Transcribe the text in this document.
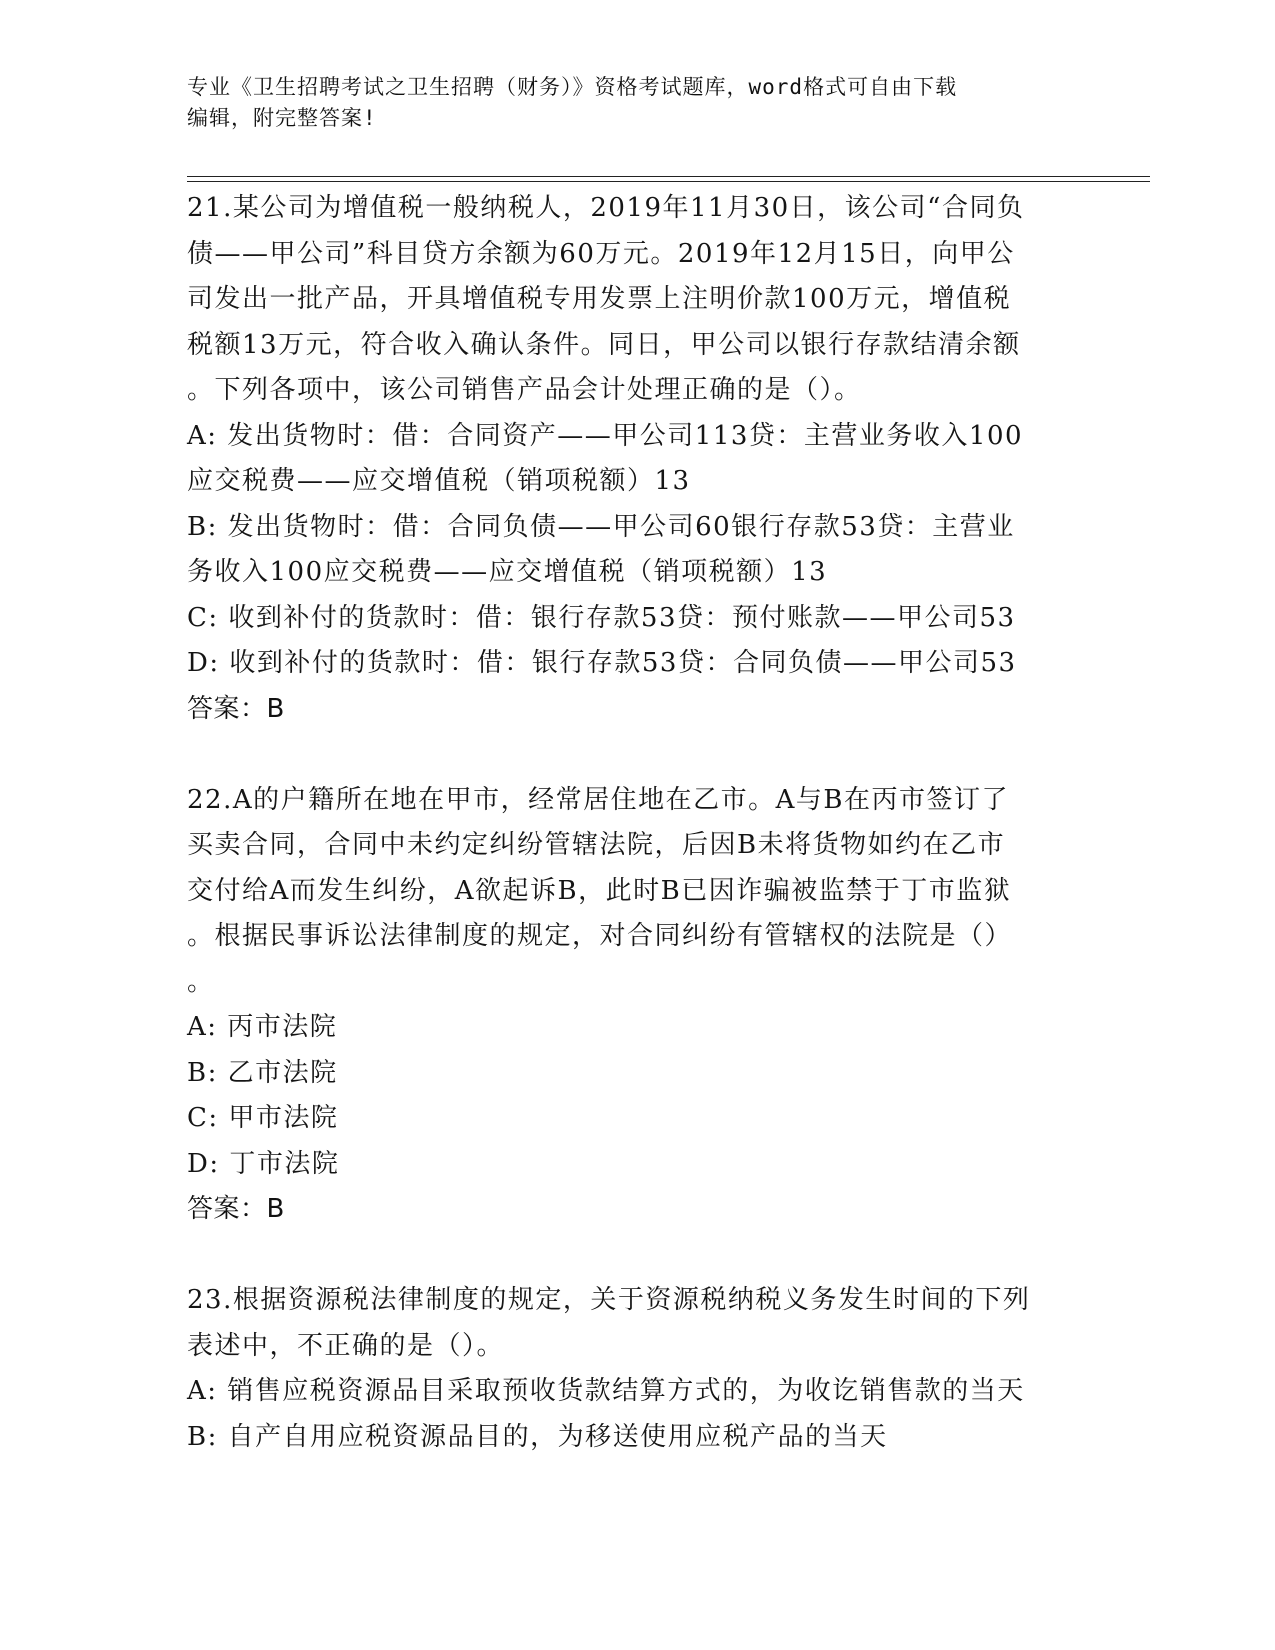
专业《卫生招聘考试之卫生招聘（财务）》资格考试题库，word格式可自由下载
编辑，附完整答案!
21.某公司为增值税一般纳税人，2019年11月30日，该公司“合同负
债——甲公司”科目贷方余额为60万元。2019年12月15日，向甲公
司发出一批产品，开具增值税专用发票上注明价款100万元，增值税
税额13万元，符合收入确认条件。同日，甲公司以银行存款结清余额
。下列各项中，该公司销售产品会计处理正确的是（）。
A: 发出货物时：借：合同资产——甲公司113贷：主营业务收入100
应交税费——应交增值税（销项税额）13
B: 发出货物时：借：合同负债——甲公司60银行存款53贷：主营业
务收入100应交税费——应交增值税（销项税额）13
C: 收到补付的货款时：借：银行存款53贷：预付账款——甲公司53
D: 收到补付的货款时：借：银行存款53贷：合同负债——甲公司53
答案：B
22.A的户籍所在地在甲市，经常居住地在乙市。A与B在丙市签订了
买卖合同，合同中未约定纠纷管辖法院，后因B未将货物如约在乙市
交付给A而发生纠纷，A欲起诉B，此时B已因诈骗被监禁于丁市监狱
。根据民事诉讼法律制度的规定，对合同纠纷有管辖权的法院是（）
。
A: 丙市法院
B: 乙市法院
C: 甲市法院
D: 丁市法院
答案：B
23.根据资源税法律制度的规定，关于资源税纳税义务发生时间的下列
表述中，不正确的是（）。
A: 销售应税资源品目采取预收货款结算方式的，为收讫销售款的当天
B: 自产自用应税资源品目的，为移送使用应税产品的当天
